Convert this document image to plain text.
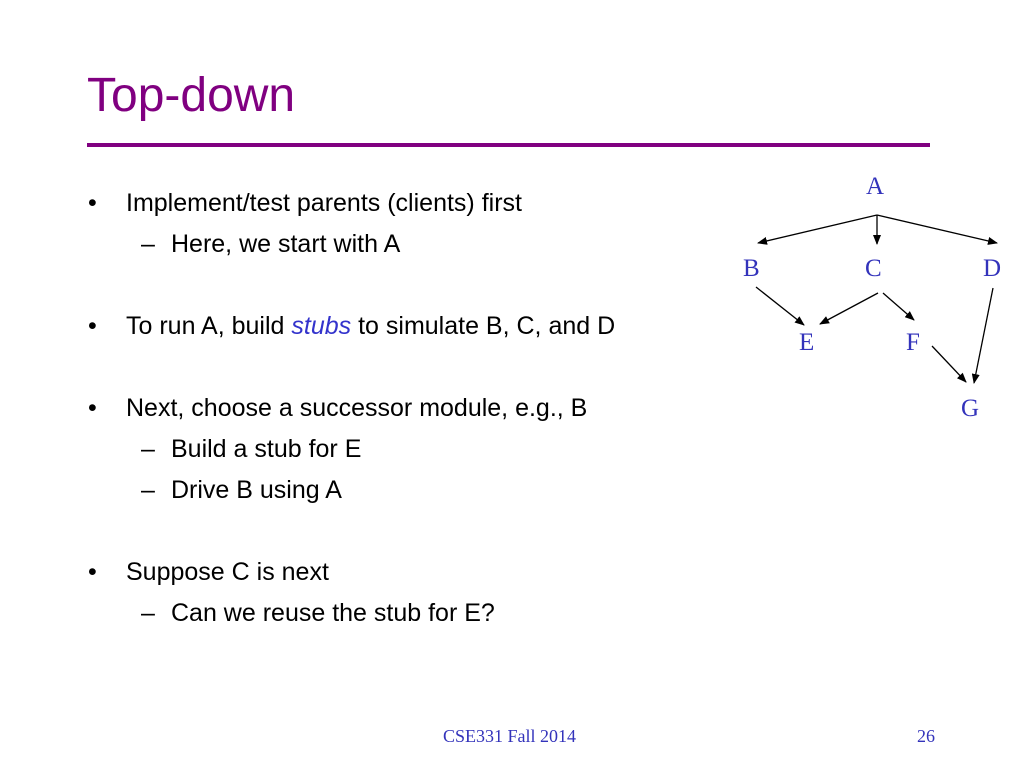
Top-down
• Implement/test parents (clients) first
– Here, we start with A
• To run A, build stubs to simulate B, C, and D
• Next, choose a successor module, e.g., B
– Build a stub for E
– Drive B using A
• Suppose C is next
– Can we reuse the stub for E?
A
B	C	D
E	F
G
CSE331 Fall 2014	26
